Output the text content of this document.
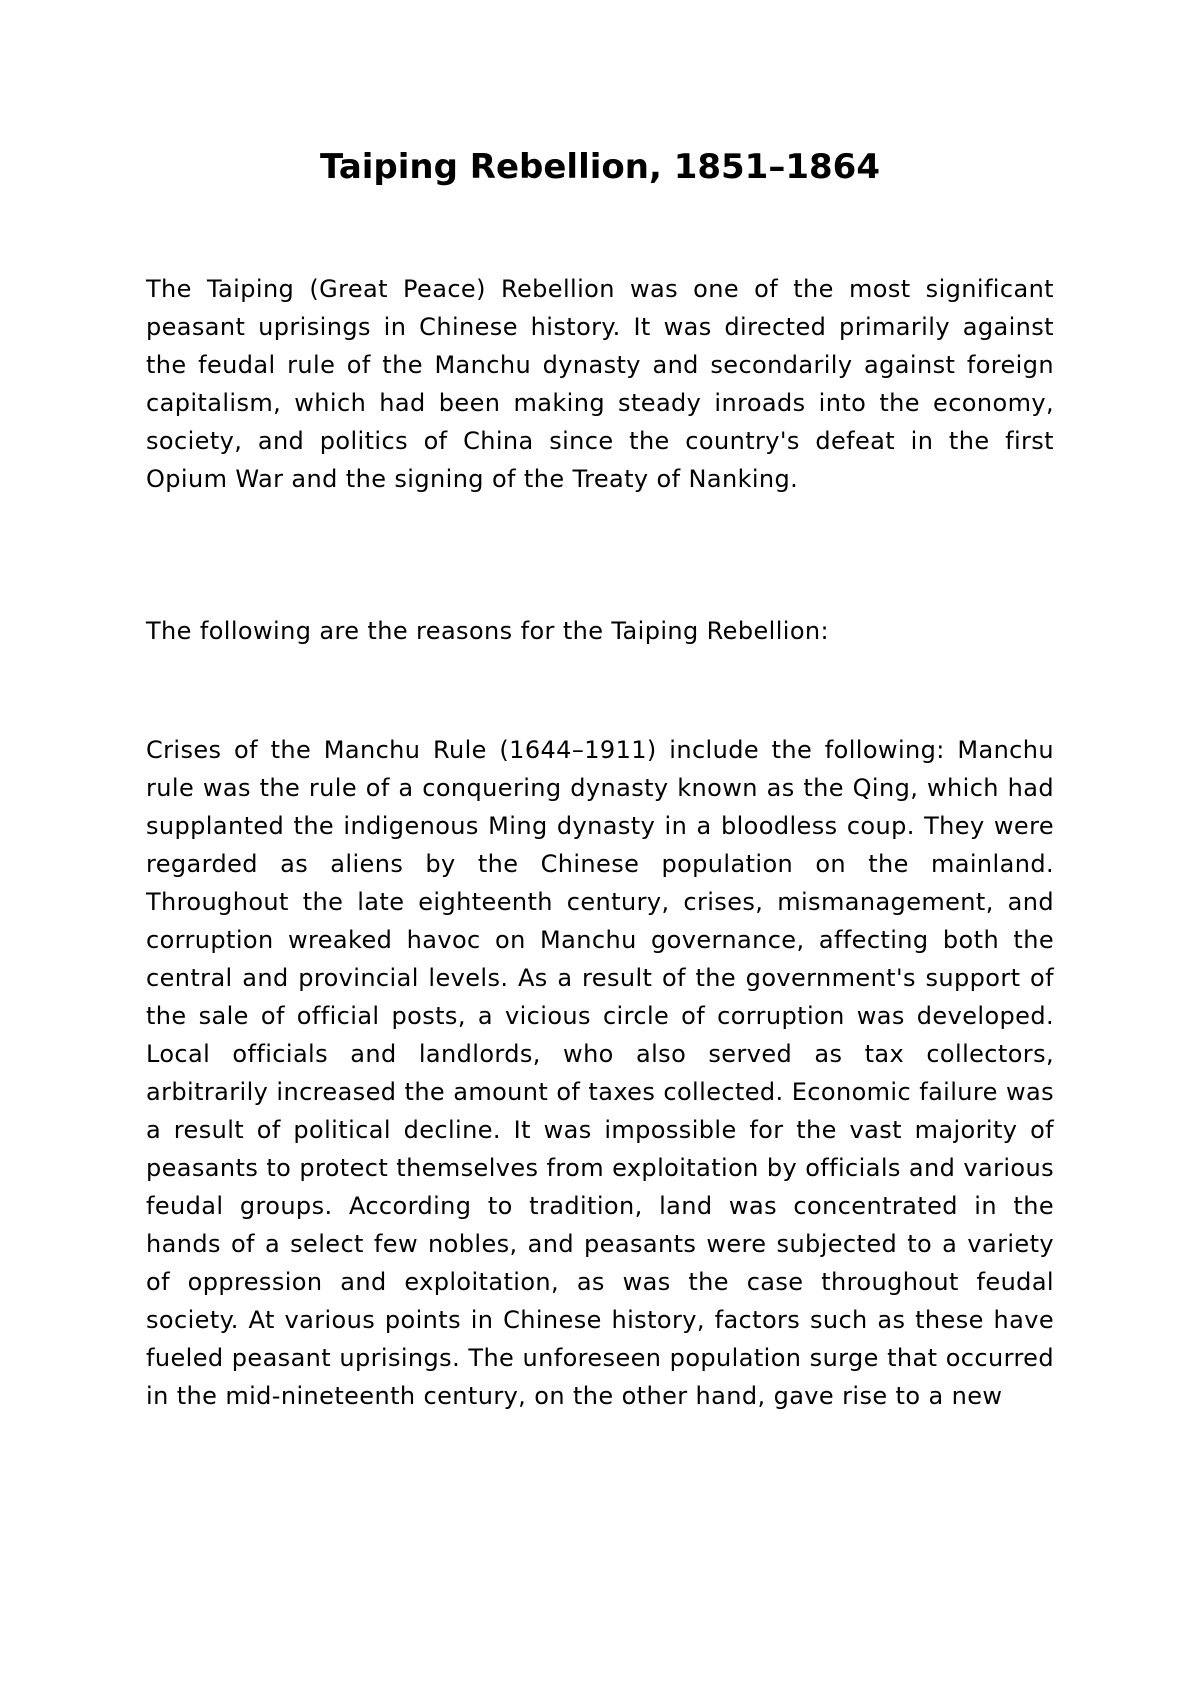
Taiping Rebellion, 1851–1864

The Taiping (Great Peace) Rebellion was one of the most significant peasant uprisings in Chinese history. It was directed primarily against the feudal rule of the Manchu dynasty and secondarily against foreign capitalism, which had been making steady inroads into the economy, society, and politics of China since the country's defeat in the first Opium War and the signing of the Treaty of Nanking.

The following are the reasons for the Taiping Rebellion:

Crises of the Manchu Rule (1644–1911) include the following: Manchu rule was the rule of a conquering dynasty known as the Qing, which had supplanted the indigenous Ming dynasty in a bloodless coup. They were regarded as aliens by the Chinese population on the mainland. Throughout the late eighteenth century, crises, mismanagement, and corruption wreaked havoc on Manchu governance, affecting both the central and provincial levels. As a result of the government's support of the sale of official posts, a vicious circle of corruption was developed. Local officials and landlords, who also served as tax collectors, arbitrarily increased the amount of taxes collected. Economic failure was a result of political decline. It was impossible for the vast majority of peasants to protect themselves from exploitation by officials and various feudal groups. According to tradition, land was concentrated in the hands of a select few nobles, and peasants were subjected to a variety of oppression and exploitation, as was the case throughout feudal society. At various points in Chinese history, factors such as these have fueled peasant uprisings. The unforeseen population surge that occurred in the mid-nineteenth century, on the other hand, gave rise to a new
